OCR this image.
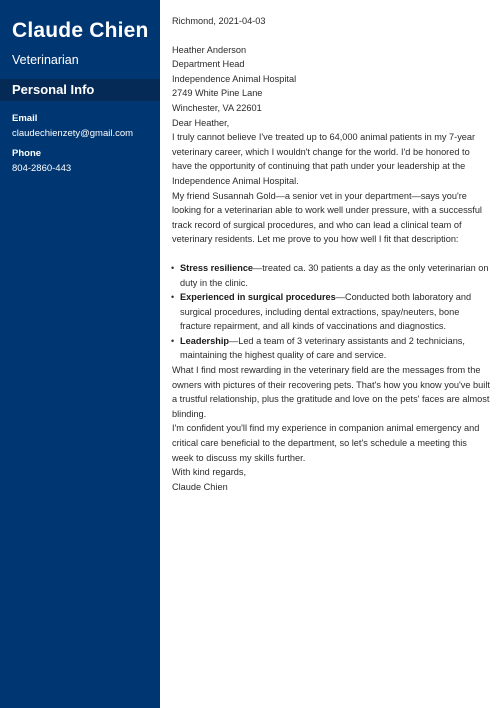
Claude Chien
Veterinarian
Personal Info
Email
claudechienzety@gmail.com
Phone
804-2860-443

Richmond, 2021-04-03

Heather Anderson

Department Head

Independence Animal Hospital

2749 White Pine Lane

Winchester, VA 22601

Dear Heather,

I truly cannot believe I've treated up to 64,000 animal patients in my 7-year veterinary career, which I wouldn't change for the world. I'd be honored to have the opportunity of continuing that path under your leadership at the Independence Animal Hospital.

My friend Susannah Gold—a senior vet in your department—says you're looking for a veterinarian able to work well under pressure, with a successful track record of surgical procedures, and who can lead a clinical team of veterinary residents. Let me prove to you how well I fit that description:

• Stress resilience—treated ca. 30 patients a day as the only veterinarian on duty in the clinic.
• Experienced in surgical procedures—Conducted both laboratory and surgical procedures, including dental extractions, spay/neuters, bone fracture repairment, and all kinds of vaccinations and diagnostics.
• Leadership—Led a team of 3 veterinary assistants and 2 technicians, maintaining the highest quality of care and service.

What I find most rewarding in the veterinary field are the messages from the owners with pictures of their recovering pets. That's how you know you've built a trustful relationship, plus the gratitude and love on the pets' faces are almost blinding.

I'm confident you'll find my experience in companion animal emergency and critical care beneficial to the department, so let's schedule a meeting this week to discuss my skills further.

With kind regards,

Claude Chien
